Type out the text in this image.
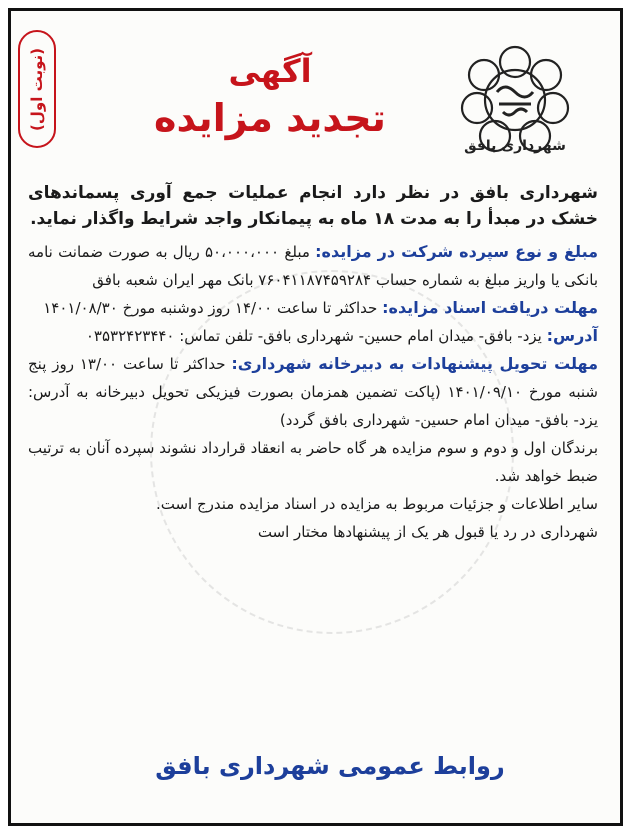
(نوبت اول)
شهرداری بافق
آگهی
تجدید مزایده

شهرداری بافق در نظر دارد انجام عملیات جمع آوری پسماندهای خشک در مبدأ را به مدت ۱۸ ماه به پیمانکار واجد شرایط واگذار نماید.

مبلغ و نوع سپرده شرکت در مزایده: مبلغ ۵۰،۰۰۰،۰۰۰ ریال به صورت ضمانت نامه بانکی یا واریز مبلغ به شماره حساب ۷۶۰۴۱۱۸۷۴۵۹۲۸۴ بانک مهر ایران شعبه بافق

مهلت دریافت اسناد مزایده: حداکثر تا ساعت ۱۴/۰۰ روز دوشنبه مورخ ۱۴۰۱/۰۸/۳۰

آدرس: یزد- بافق- میدان امام حسین- شهرداری بافق- تلفن تماس: ۰۳۵۳۲۴۲۳۴۴۰

مهلت تحویل پیشنهادات به دبیرخانه شهرداری: حداکثر تا ساعت ۱۳/۰۰ روز پنج شنبه مورخ ۱۴۰۱/۰۹/۱۰ (پاکت تضمین همزمان بصورت فیزیکی تحویل دبیرخانه به آدرس: یزد- بافق- میدان امام حسین- شهرداری بافق گردد)

برندگان اول و دوم و سوم مزایده هر گاه حاضر به انعقاد قرارداد نشوند سپرده آنان به ترتیب ضبط خواهد شد.

سایر اطلاعات و جزئیات مربوط به مزایده در اسناد مزایده مندرج است.

شهرداری در رد یا قبول هر یک از پیشنهادها مختار است

روابط عمومی شهرداری بافق
